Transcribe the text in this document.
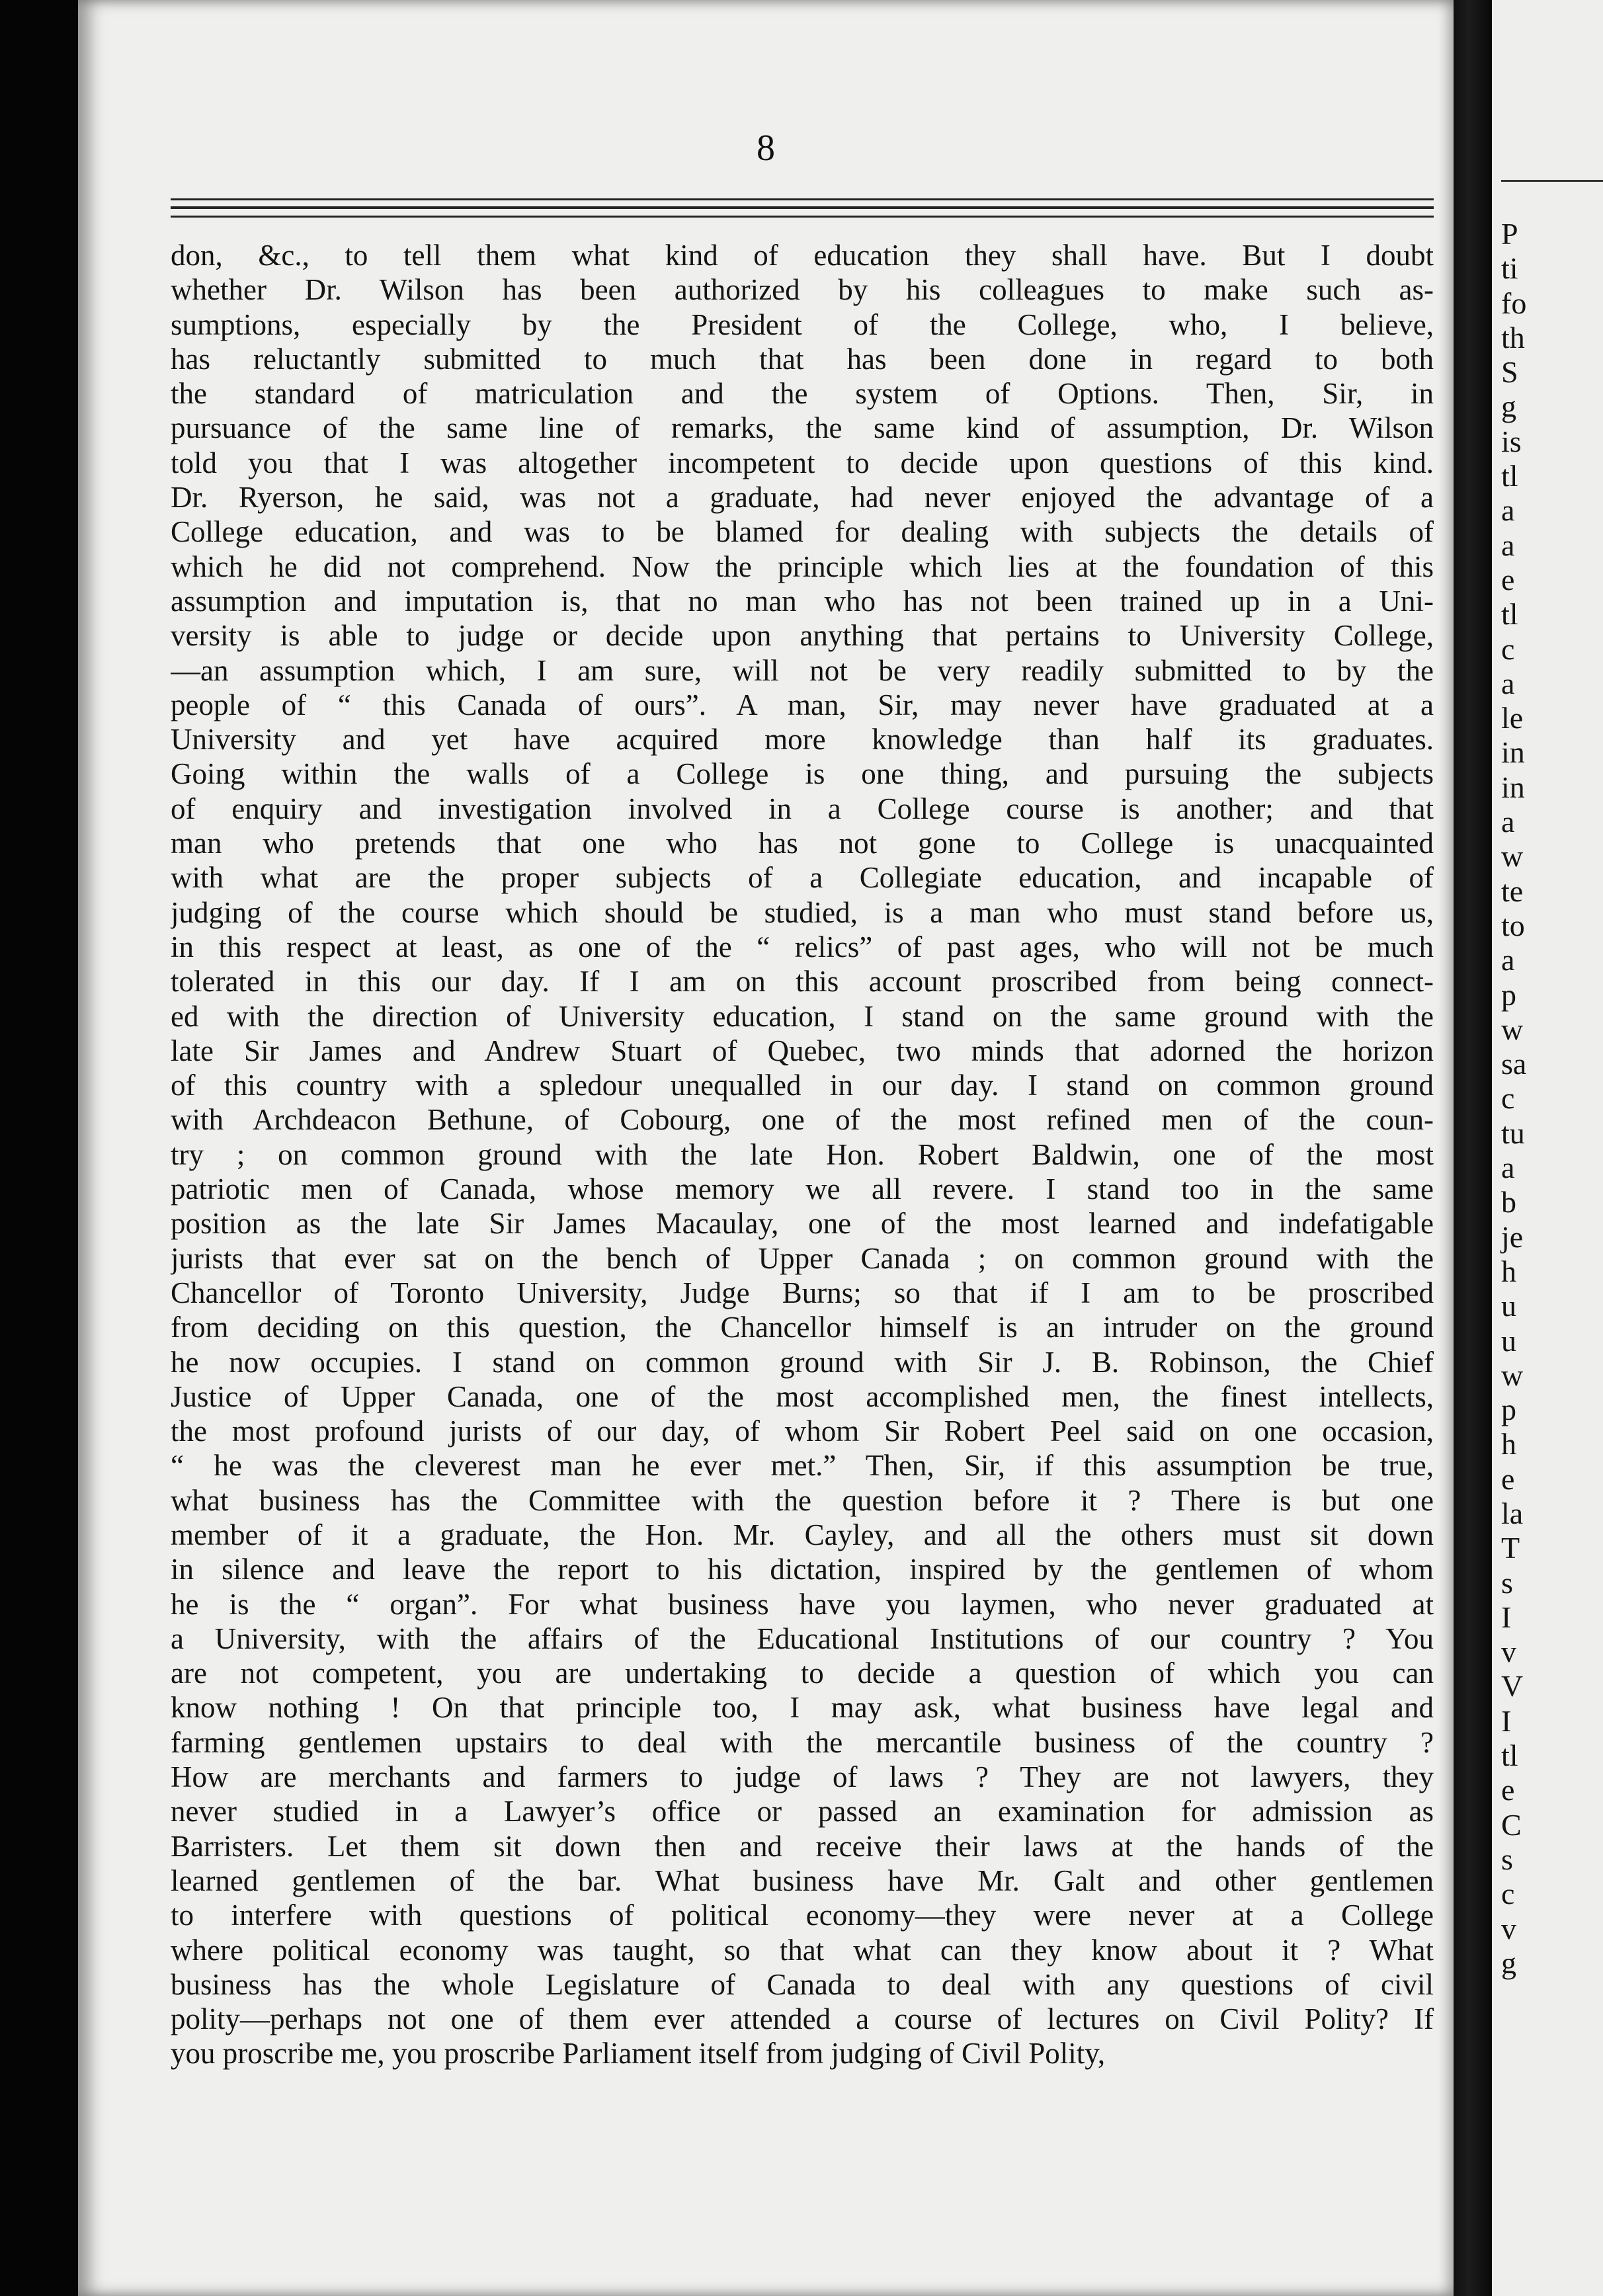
8
don, &c., to tell them what kind of education they shall have. But I doubt
whether Dr. Wilson has been authorized by his colleagues to make such as-
sumptions, especially by the President of the College, who, I believe,
has reluctantly submitted to much that has been done in regard to both
the standard of matriculation and the system of Options. Then, Sir, in
pursuance of the same line of remarks, the same kind of assumption, Dr. Wilson
told you that I was altogether incompetent to decide upon questions of this kind.
Dr. Ryerson, he said, was not a graduate, had never enjoyed the advantage of a
College education, and was to be blamed for dealing with subjects the details of
which he did not comprehend. Now the principle which lies at the foundation of this
assumption and imputation is, that no man who has not been trained up in a Uni-
versity is able to judge or decide upon anything that pertains to University College,
—an assumption which, I am sure, will not be very readily submitted to by the
people of “ this Canada of ours”. A man, Sir, may never have graduated at a
University and yet have acquired more knowledge than half its graduates.
Going within the walls of a College is one thing, and pursuing the subjects
of enquiry and investigation involved in a College course is another; and that
man who pretends that one who has not gone to College is unacquainted
with what are the proper subjects of a Collegiate education, and incapable of
judging of the course which should be studied, is a man who must stand before us,
in this respect at least, as one of the “ relics” of past ages, who will not be much
tolerated in this our day. If I am on this account proscribed from being connect-
ed with the direction of University education, I stand on the same ground with the
late Sir James and Andrew Stuart of Quebec, two minds that adorned the horizon
of this country with a spledour unequalled in our day. I stand on common ground
with Archdeacon Bethune, of Cobourg, one of the most refined men of the coun-
try ; on common ground with the late Hon. Robert Baldwin, one of the most
patriotic men of Canada, whose memory we all revere. I stand too in the same
position as the late Sir James Macaulay, one of the most learned and indefatigable
jurists that ever sat on the bench of Upper Canada ; on common ground with the
Chancellor of Toronto University, Judge Burns; so that if I am to be proscribed
from deciding on this question, the Chancellor himself is an intruder on the ground
he now occupies. I stand on common ground with Sir J. B. Robinson, the Chief
Justice of Upper Canada, one of the most accomplished men, the finest intellects,
the most profound jurists of our day, of whom Sir Robert Peel said on one occasion,
“ he was the cleverest man he ever met.” Then, Sir, if this assumption be true,
what business has the Committee with the question before it ? There is but one
member of it a graduate, the Hon. Mr. Cayley, and all the others must sit down
in silence and leave the report to his dictation, inspired by the gentlemen of whom
he is the “ organ”. For what business have you laymen, who never graduated at
a University, with the affairs of the Educational Institutions of our country ? You
are not competent, you are undertaking to decide a question of which you can
know nothing ! On that principle too, I may ask, what business have legal and
farming gentlemen upstairs to deal with the mercantile business of the country ?
How are merchants and farmers to judge of laws ? They are not lawyers, they
never studied in a Lawyer’s office or passed an examination for admission as
Barristers. Let them sit down then and receive their laws at the hands of the
learned gentlemen of the bar. What business have Mr. Galt and other gentlemen
to interfere with questions of political economy—they were never at a College
where political economy was taught, so that what can they know about it ? What
business has the whole Legislature of Canada to deal with any questions of civil
polity—perhaps not one of them ever attended a course of lectures on Civil Polity? If
you proscribe me, you proscribe Parliament itself from judging of Civil Polity,
P
ti
fo
th
S
g
is
tl
a
a
e
tl
c
a
le
in
in
a
w
te
to
a
p
w
sa
c
tu
a
b
je
h
u
u
w
p
h
e
la
T
s
I
v
V
I
tl
e
C
s
c
v
g
